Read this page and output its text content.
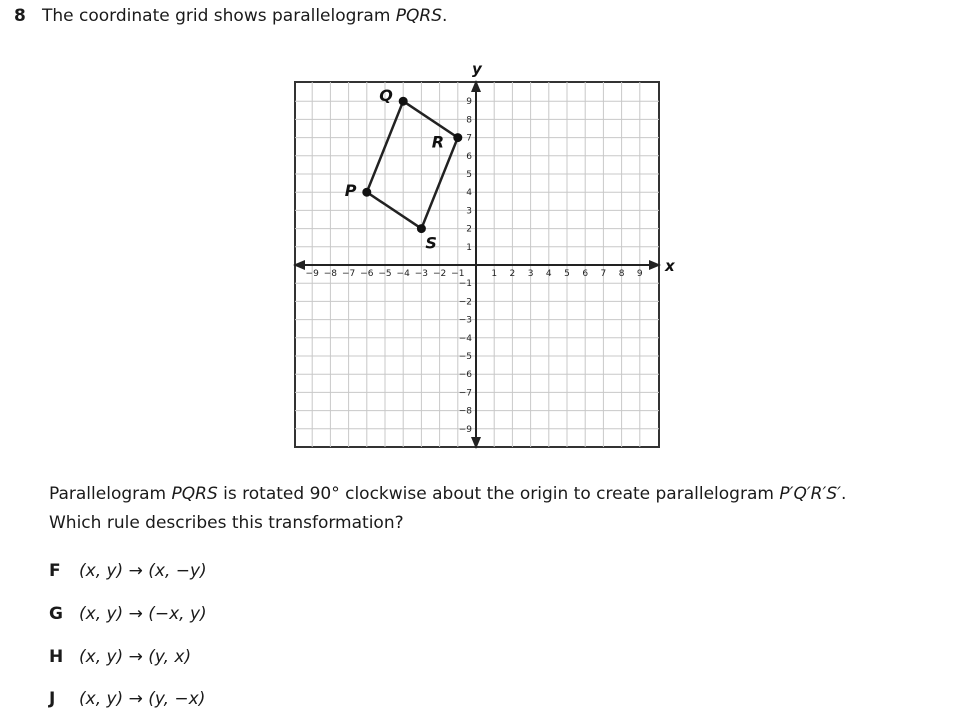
8 The coordinate grid shows parallelogram PQRS.
x
y
−9 −8 −7 −6 −5 −4 −3 −2 −1	1 2 3 4 5 6 7 8 9
9
8
7
6
5
4
3
2
1
−1
−2
−3
−4
−5
−6
−7
−8
−9
P
Q
R
S
Parallelogram PQRS is rotated 90° clockwise about the origin to create parallelogram P′Q′R′S′.
Which rule describes this transformation?
F (x, y) → (x, −y)
G (x, y) → (−x, y)
H (x, y) → (y, x)
J (x, y) → (y, −x)
